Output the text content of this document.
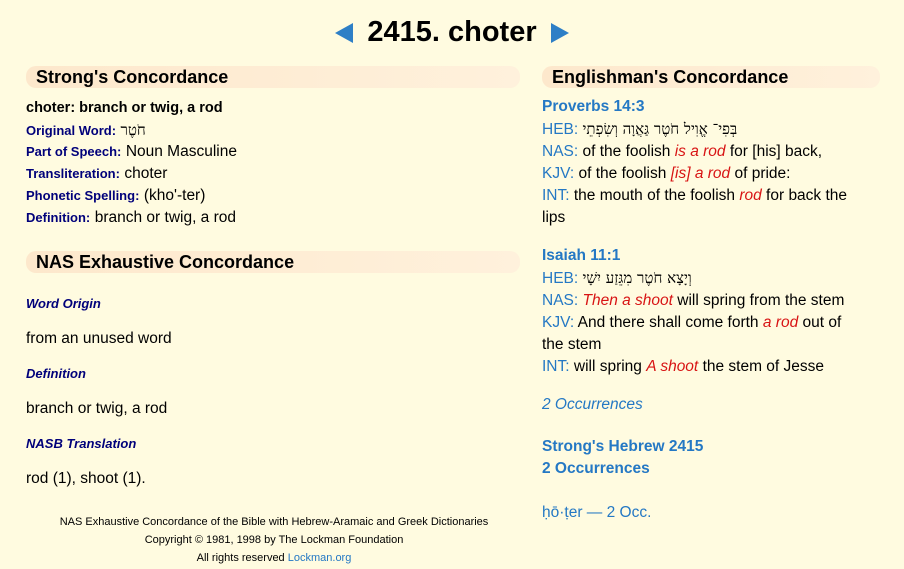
2415. choter
Strong's Concordance
choter: branch or twig, a rod
Original Word: חֹטֶר
Part of Speech: Noun Masculine
Transliteration: choter
Phonetic Spelling: (kho'-ter)
Definition: branch or twig, a rod
NAS Exhaustive Concordance
Word Origin
from an unused word
Definition
branch or twig, a rod
NASB Translation
rod (1), shoot (1).
NAS Exhaustive Concordance of the Bible with Hebrew-Aramaic and Greek Dictionaries
Copyright © 1981, 1998 by The Lockman Foundation
All rights reserved Lockman.org
Englishman's Concordance
Proverbs 14:3
HEB: בְּפִי־ אֱוִיל חֹטֶר גַּאֲוָה וְשִׂפְתֵי
NAS: of the foolish is a rod for [his] back,
KJV: of the foolish [is] a rod of pride:
INT: the mouth of the foolish rod for back the
lips
Isaiah 11:1
HEB: וְיָצָא חֹטֶר מִגֵּזַע יִשָׁי
NAS: Then a shoot will spring from the stem
KJV: And there shall come forth a rod out of
the stem
INT: will spring A shoot the stem of Jesse
2 Occurrences
Strong's Hebrew 2415
2 Occurrences
ḥō·ṭer — 2 Occ.
